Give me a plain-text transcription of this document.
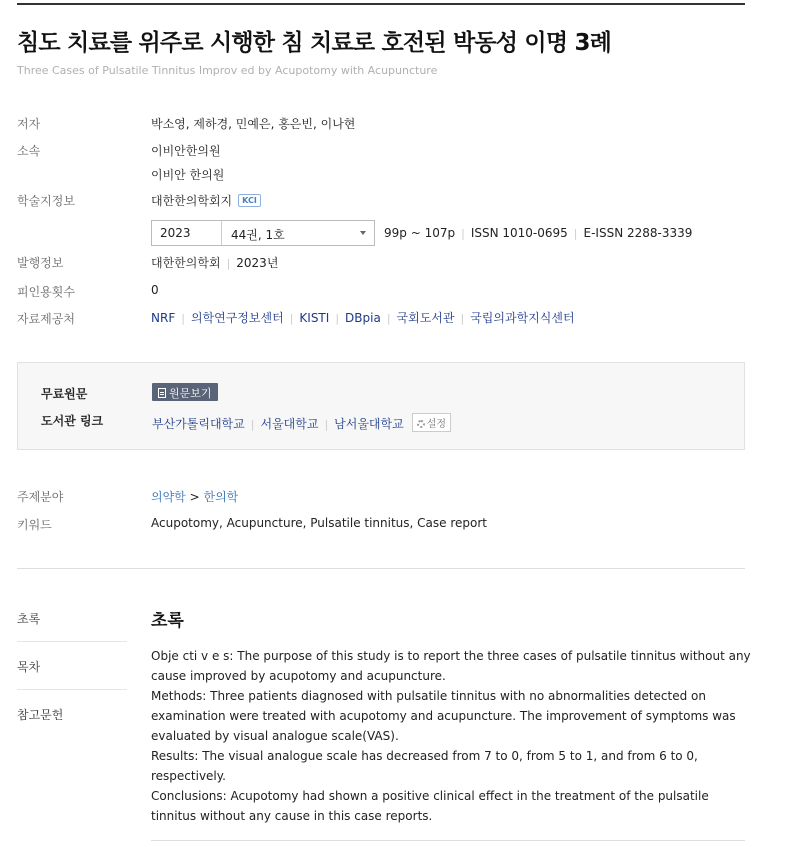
침도 치료를 위주로 시행한 침 치료로 호전된 박동성 이명 3례
Three Cases of Pulsatile Tinnitus Improv ed by Acupotomy with Acupuncture
저자	박소영, 제하경, 민예은, 홍은빈, 이나현
소속	이비안한의원
이비안 한의원
학술지정보	대한한의학회지 KCI
2023	44권, 1호	99p ~ 107p | ISSN 1010-0695 | E-ISSN 2288-3339
발행정보	대한한의학회 | 2023년
피인용횟수	0
자료제공처	NRF | 의학연구정보센터 | KISTI | DBpia | 국회도서관 | 국립의과학지식센터
무료원문	원문보기
도서관 링크	부산가톨릭대학교 | 서울대학교 | 남서울대학교 설정
주제분야	의약학 > 한의학
키워드	Acupotomy, Acupuncture, Pulsatile tinnitus, Case report
초록
목차
참고문헌
초록

Obje cti v e s: The purpose of this study is to report the three cases of pulsatile tinnitus without any cause improved by acupotomy and acupuncture.

Methods: Three patients diagnosed with pulsatile tinnitus with no abnormalities detected on examination were treated with acupotomy and acupuncture. The improvement of symptoms was evaluated by visual analogue scale(VAS).

Results: The visual analogue scale has decreased from 7 to 0, from 5 to 1, and from 6 to 0, respectively.

Conclusions: Acupotomy had shown a positive clinical effect in the treatment of the pulsatile tinnitus without any cause in this case reports.
